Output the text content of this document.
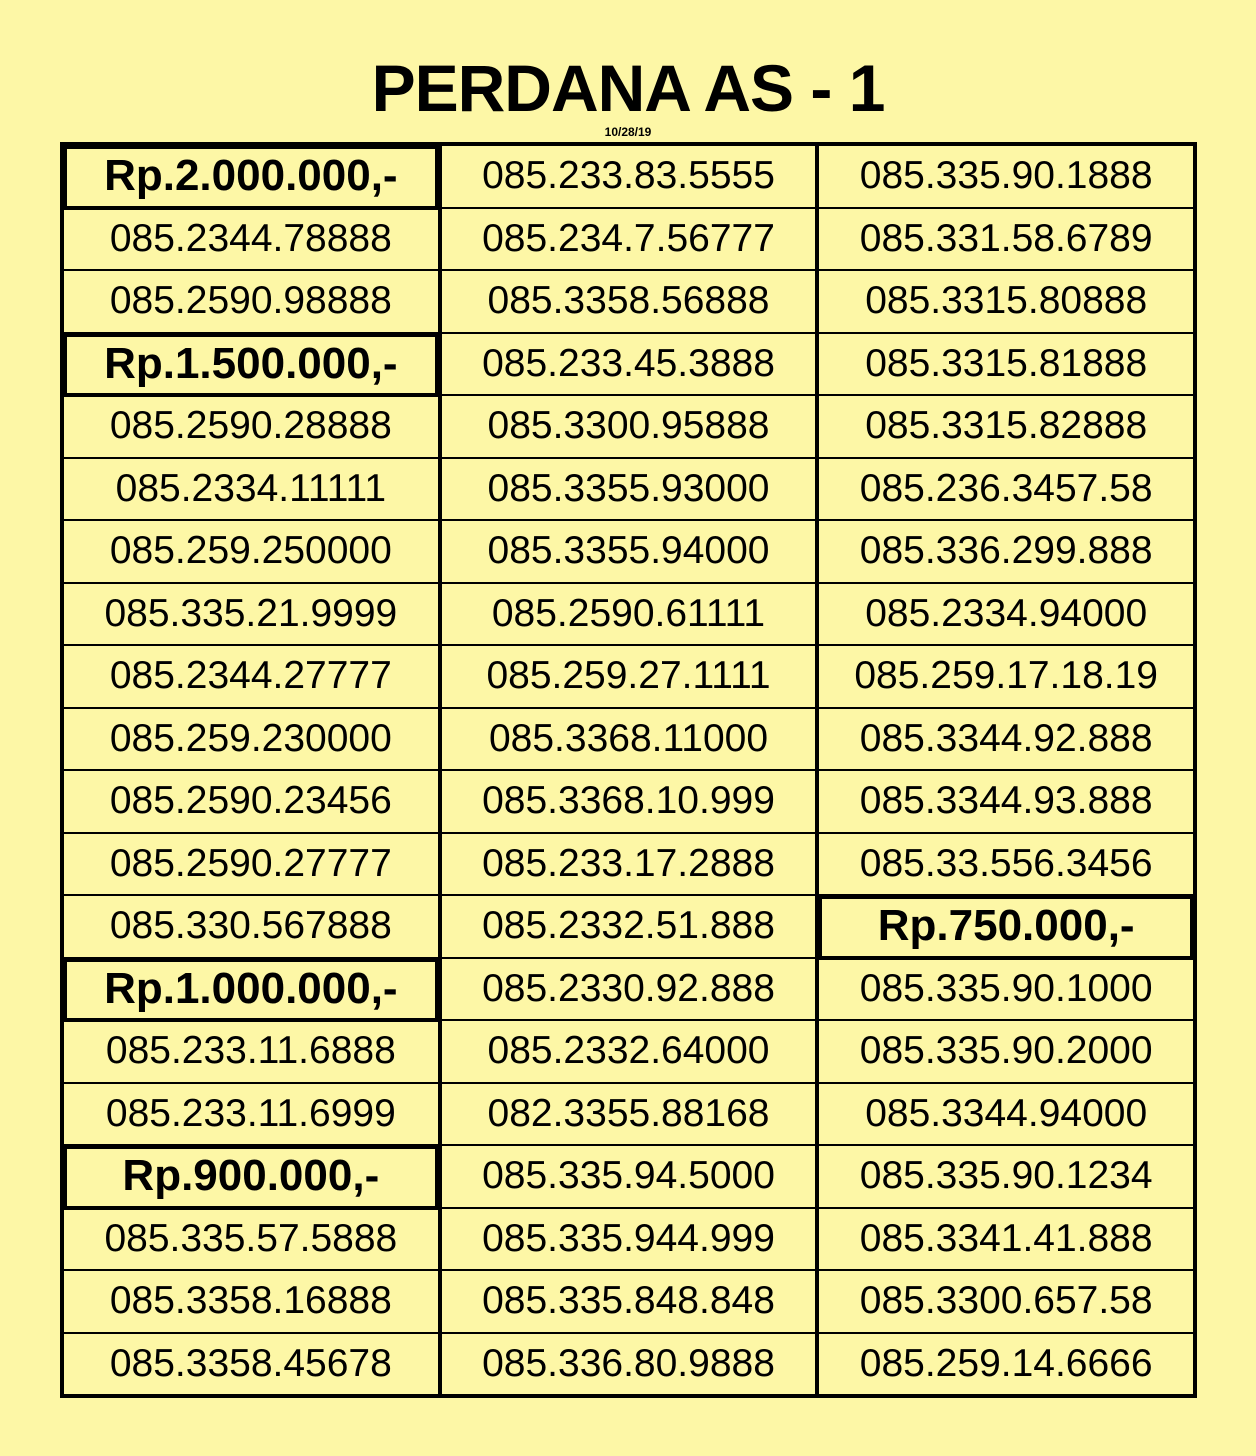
PERDANA AS - 1
10/28/19
Rp.2.000.000,-
085.2344.78888
085.2590.98888
Rp.1.500.000,-
085.2590.28888
085.2334.11111
085.259.250000
085.335.21.9999
085.2344.27777
085.259.230000
085.2590.23456
085.2590.27777
085.330.567888
Rp.1.000.000,-
085.233.11.6888
085.233.11.6999
Rp.900.000,-
085.335.57.5888
085.3358.16888
085.3358.45678
085.233.83.5555
085.234.7.56777
085.3358.56888
085.233.45.3888
085.3300.95888
085.3355.93000
085.3355.94000
085.2590.61111
085.259.27.1111
085.3368.11000
085.3368.10.999
085.233.17.2888
085.2332.51.888
085.2330.92.888
085.2332.64000
082.3355.88168
085.335.94.5000
085.335.944.999
085.335.848.848
085.336.80.9888
085.335.90.1888
085.331.58.6789
085.3315.80888
085.3315.81888
085.3315.82888
085.236.3457.58
085.336.299.888
085.2334.94000
085.259.17.18.19
085.3344.92.888
085.3344.93.888
085.33.556.3456
Rp.750.000,-
085.335.90.1000
085.335.90.2000
085.3344.94000
085.335.90.1234
085.3341.41.888
085.3300.657.58
085.259.14.6666
